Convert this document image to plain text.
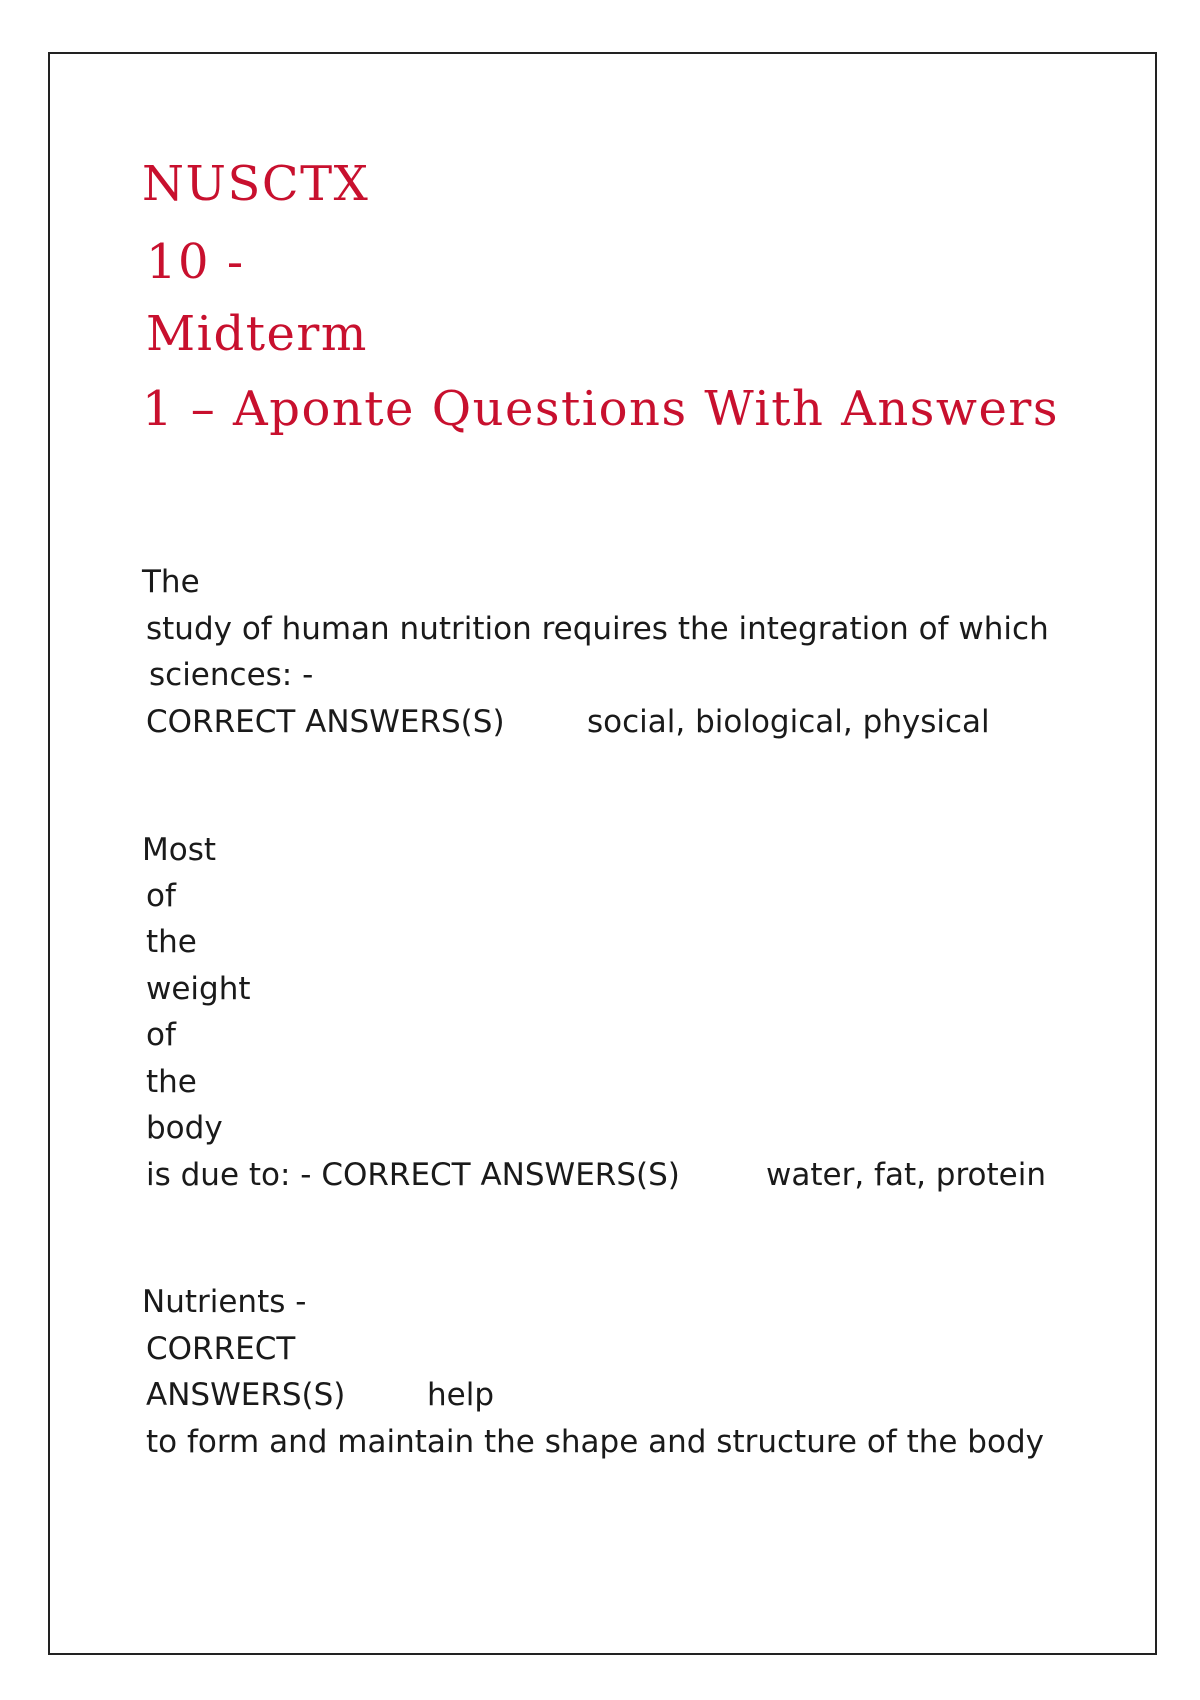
NUSCTX
10 -
Midterm
1 – Aponte Questions With Answers
The
study of human nutrition requires the integration of which
sciences: -
CORRECT ANSWERS(S)	social, biological, physical
Most
of
the
weight
of
the
body
is due to: - CORRECT ANSWERS(S)	water, fat, protein
Nutrients -
CORRECT
ANSWERS(S)	help
to form and maintain the shape and structure of the body
